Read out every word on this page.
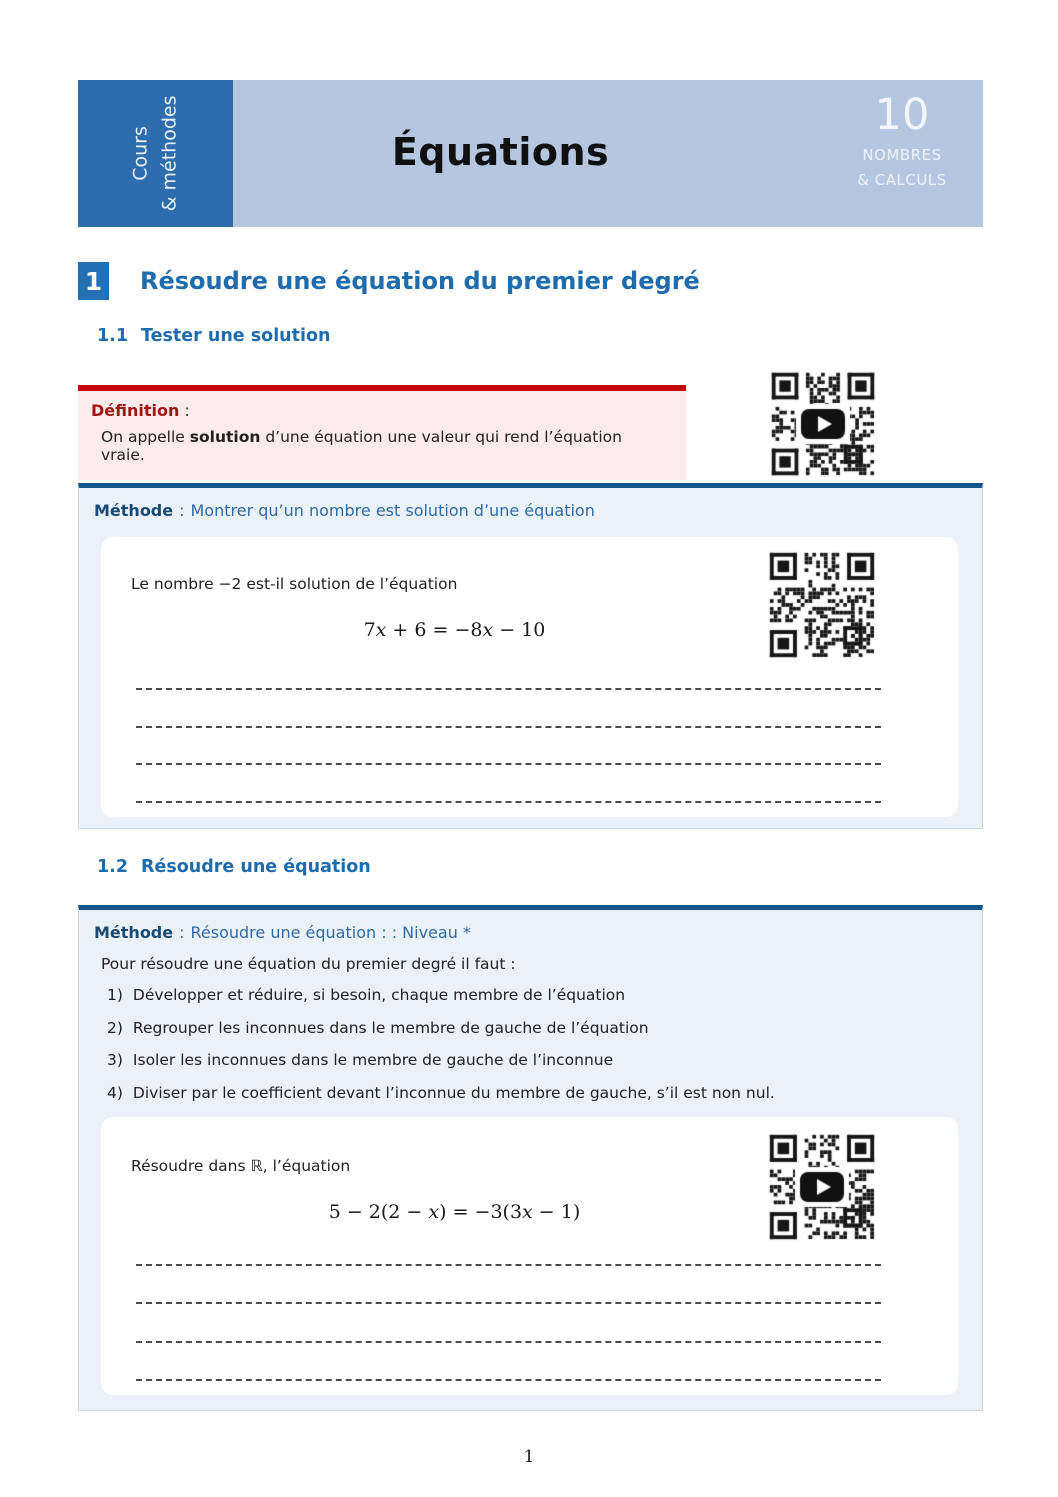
Cours & méthodes	Équations
10
NOMBRES
& CALCULS
1 Résoudre une équation du premier degré
1.1 Tester une solution
Définition :
On appelle solution d’une équation une valeur qui rend l’équation vraie.
Méthode : Montrer qu’un nombre est solution d’une équation
Le nombre −2 est-il solution de l’équation
7x + 6 = −8x − 10
1.2 Résoudre une équation
Méthode : Résoudre une équation : : Niveau *
Pour résoudre une équation du premier degré il faut :
1) Développer et réduire, si besoin, chaque membre de l’équation
2) Regrouper les inconnues dans le membre de gauche de l’équation
3) Isoler les inconnues dans le membre de gauche de l’inconnue
4) Diviser par le coefficient devant l’inconnue du membre de gauche, s’il est non nul.
Résoudre dans ℝ, l’équation
5 − 2(2 − x) = −3(3x − 1)
1
